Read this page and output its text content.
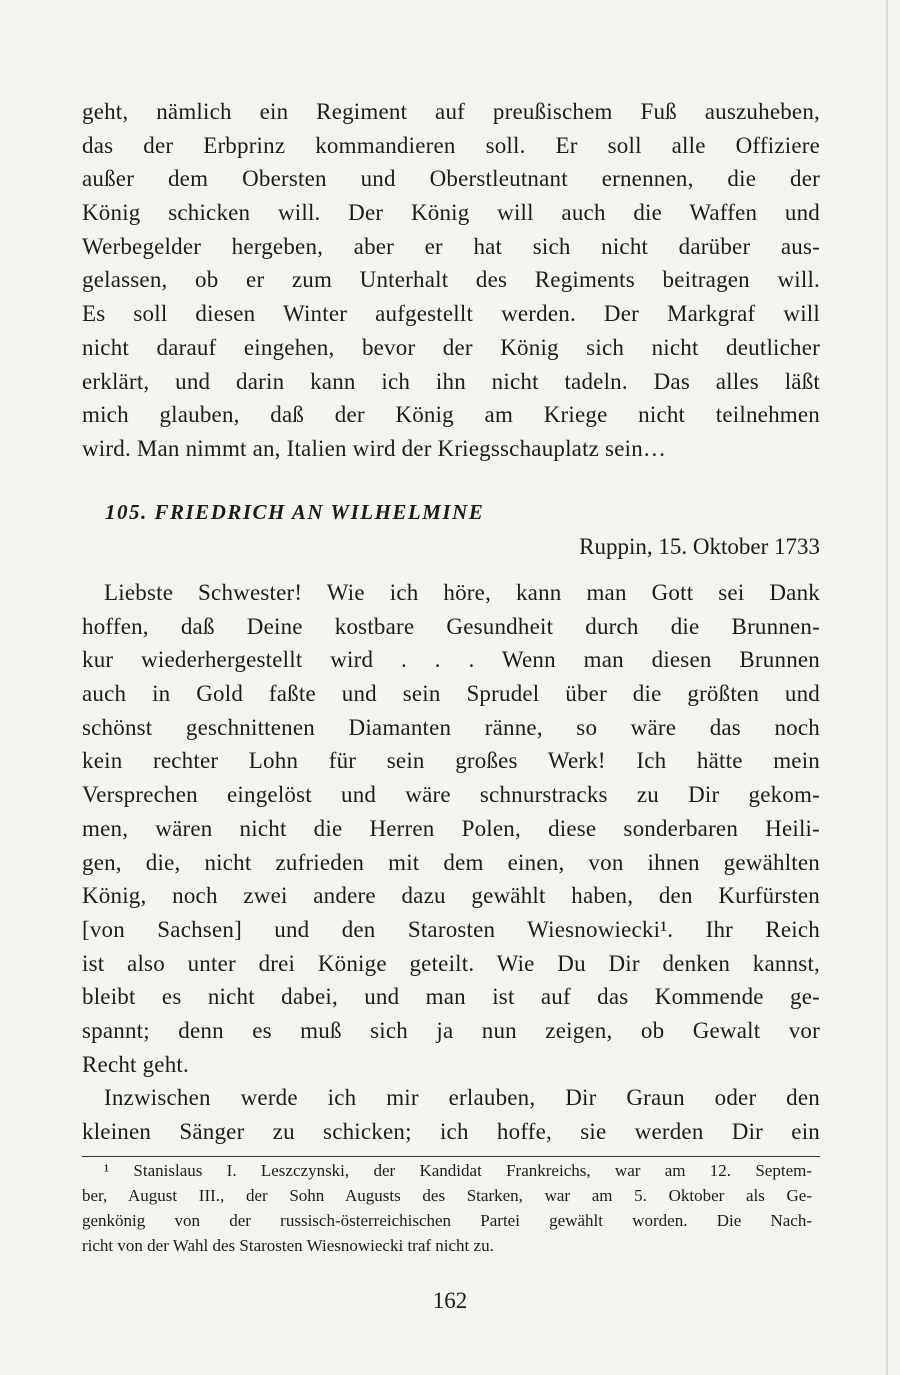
geht, nämlich ein Regiment auf preußischem Fuß auszuheben,
das der Erbprinz kommandieren soll. Er soll alle Offiziere
außer dem Obersten und Oberstleutnant ernennen, die der
König schicken will. Der König will auch die Waffen und
Werbegelder hergeben, aber er hat sich nicht darüber aus-
gelassen, ob er zum Unterhalt des Regiments beitragen will.
Es soll diesen Winter aufgestellt werden. Der Markgraf will
nicht darauf eingehen, bevor der König sich nicht deutlicher
erklärt, und darin kann ich ihn nicht tadeln. Das alles läßt
mich glauben, daß der König am Kriege nicht teilnehmen
wird. Man nimmt an, Italien wird der Kriegsschauplatz sein…
105. FRIEDRICH AN WILHELMINE
Ruppin, 15. Oktober 1733
Liebste Schwester! Wie ich höre, kann man Gott sei Dank
hoffen, daß Deine kostbare Gesundheit durch die Brunnen-
kur wiederhergestellt wird . . . Wenn man diesen Brunnen
auch in Gold faßte und sein Sprudel über die größten und
schönst geschnittenen Diamanten ränne, so wäre das noch
kein rechter Lohn für sein großes Werk! Ich hätte mein
Versprechen eingelöst und wäre schnurstracks zu Dir gekom-
men, wären nicht die Herren Polen, diese sonderbaren Heili-
gen, die, nicht zufrieden mit dem einen, von ihnen gewählten
König, noch zwei andere dazu gewählt haben, den Kurfürsten
[von Sachsen] und den Starosten Wiesnowiecki¹. Ihr Reich
ist also unter drei Könige geteilt. Wie Du Dir denken kannst,
bleibt es nicht dabei, und man ist auf das Kommende ge-
spannt; denn es muß sich ja nun zeigen, ob Gewalt vor
Recht geht.
Inzwischen werde ich mir erlauben, Dir Graun oder den
kleinen Sänger zu schicken; ich hoffe, sie werden Dir ein
¹ Stanislaus I. Leszczynski, der Kandidat Frankreichs, war am 12. Septem-
ber, August III., der Sohn Augusts des Starken, war am 5. Oktober als Ge-
genkönig von der russisch-österreichischen Partei gewählt worden. Die Nach-
richt von der Wahl des Starosten Wiesnowiecki traf nicht zu.
162
